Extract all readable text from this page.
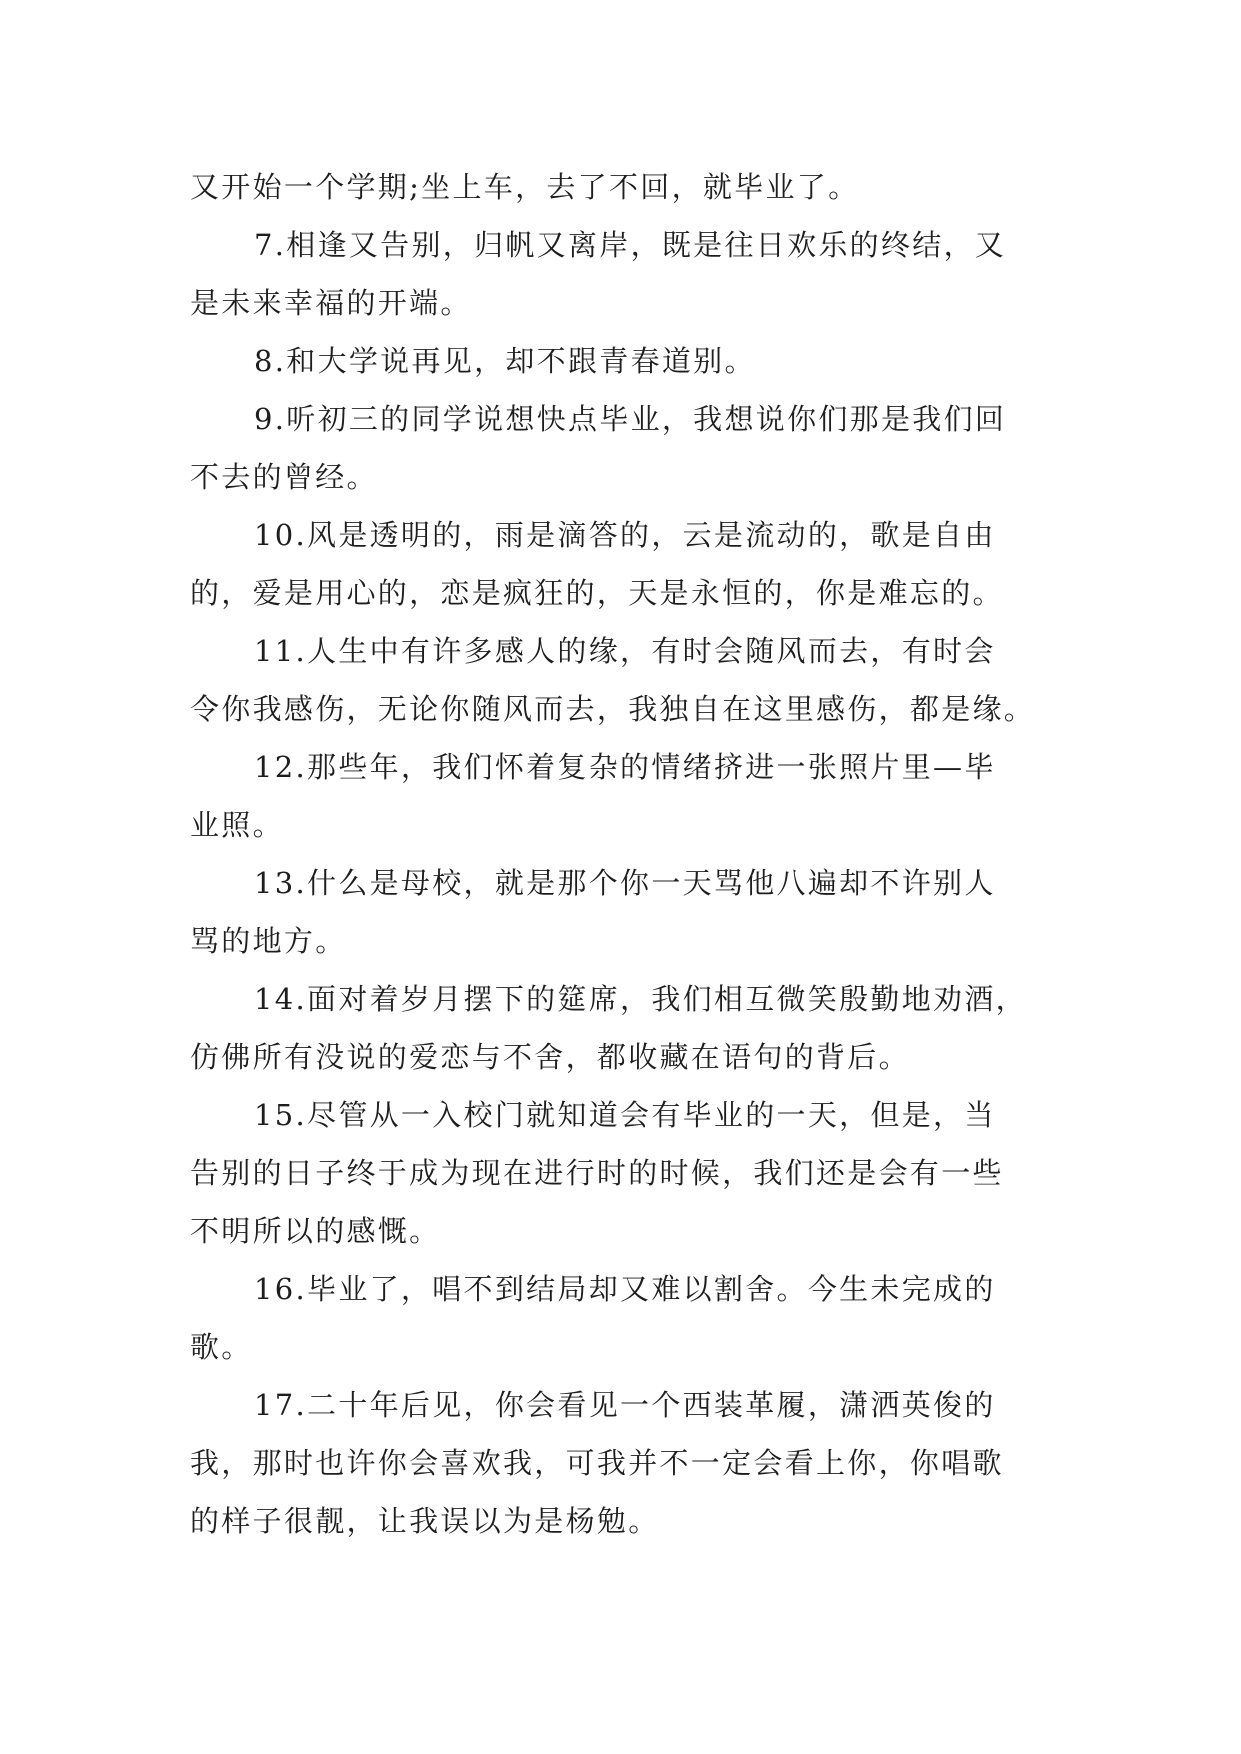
又开始一个学期;坐上车，去了不回，就毕业了。
7.相逢又告别，归帆又离岸，既是往日欢乐的终结，又
是未来幸福的开端。
8.和大学说再见，却不跟青春道别。
9.听初三的同学说想快点毕业，我想说你们那是我们回
不去的曾经。
10.风是透明的，雨是滴答的，云是流动的，歌是自由
的，爱是用心的，恋是疯狂的，天是永恒的，你是难忘的。
11.人生中有许多感人的缘，有时会随风而去，有时会
令你我感伤，无论你随风而去，我独自在这里感伤，都是缘。
12.那些年，我们怀着复杂的情绪挤进一张照片里—毕
业照。
13.什么是母校，就是那个你一天骂他八遍却不许别人
骂的地方。
14.面对着岁月摆下的筵席，我们相互微笑殷勤地劝酒，
仿佛所有没说的爱恋与不舍，都收藏在语句的背后。
15.尽管从一入校门就知道会有毕业的一天，但是，当
告别的日子终于成为现在进行时的时候，我们还是会有一些
不明所以的感慨。
16.毕业了，唱不到结局却又难以割舍。今生未完成的
歌。
17.二十年后见，你会看见一个西装革履，潇洒英俊的
我，那时也许你会喜欢我，可我并不一定会看上你，你唱歌
的样子很靓，让我误以为是杨勉。
